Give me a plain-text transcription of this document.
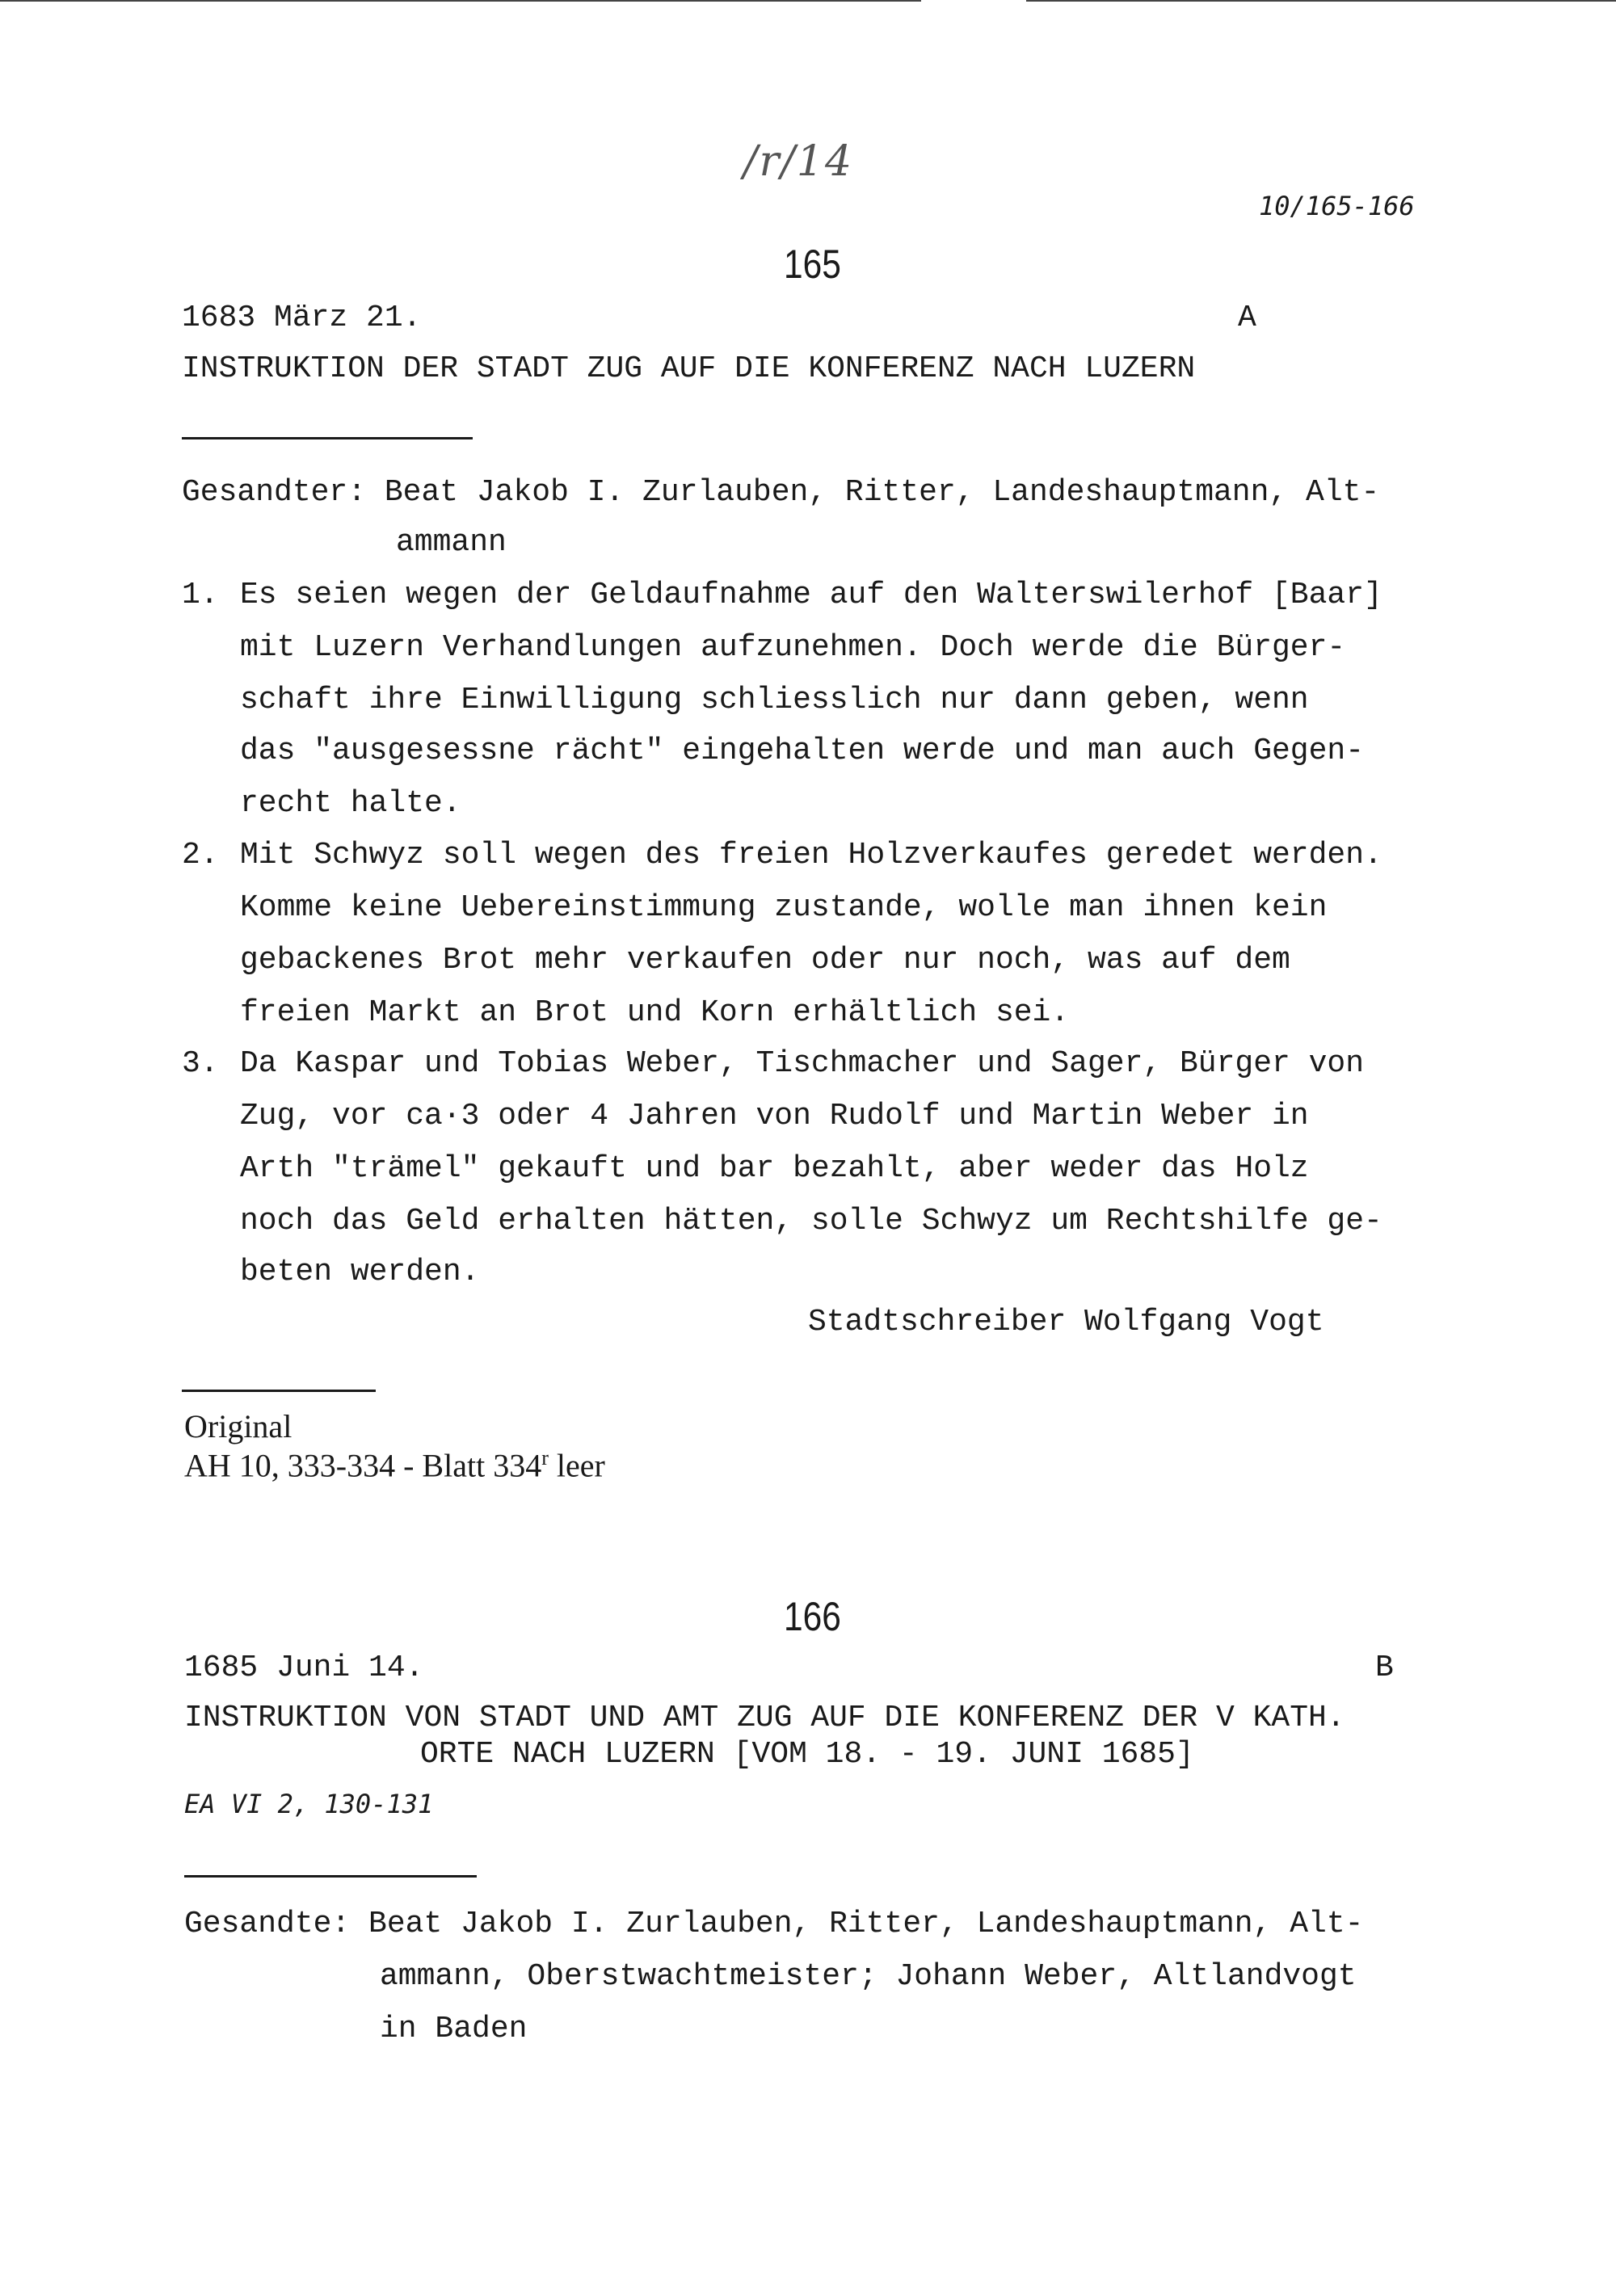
/r/14
10/165-166
165
1683 März 21.	A
INSTRUKTION DER STADT ZUG AUF DIE KONFERENZ NACH LUZERN
Gesandter: Beat Jakob I. Zurlauben, Ritter, Landeshauptmann, Alt-
ammann
1. Es seien wegen der Geldaufnahme auf den Walterswilerhof [Baar]
mit Luzern Verhandlungen aufzunehmen. Doch werde die Bürger-
schaft ihre Einwilligung schliesslich nur dann geben, wenn
das "ausgesessne rächt" eingehalten werde und man auch Gegen-
recht halte.
2. Mit Schwyz soll wegen des freien Holzverkaufes geredet werden.
Komme keine Uebereinstimmung zustande, wolle man ihnen kein
gebackenes Brot mehr verkaufen oder nur noch, was auf dem
freien Markt an Brot und Korn erhältlich sei.
3. Da Kaspar und Tobias Weber, Tischmacher und Sager, Bürger von
Zug, vor ca·3 oder 4 Jahren von Rudolf und Martin Weber in
Arth "trämel" gekauft und bar bezahlt, aber weder das Holz
noch das Geld erhalten hätten, solle Schwyz um Rechtshilfe ge-
beten werden.
Stadtschreiber Wolfgang Vogt
Original
AH 10, 333-334 - Blatt 334$^r$ leer
166
1685 Juni 14.	B
INSTRUKTION VON STADT UND AMT ZUG AUF DIE KONFERENZ DER V KATH.
ORTE NACH LUZERN [VOM 18. - 19. JUNI 1685]
EA VI 2, 130-131
Gesandte: Beat Jakob I. Zurlauben, Ritter, Landeshauptmann, Alt-
ammann, Oberstwachtmeister; Johann Weber, Altlandvogt
in Baden
